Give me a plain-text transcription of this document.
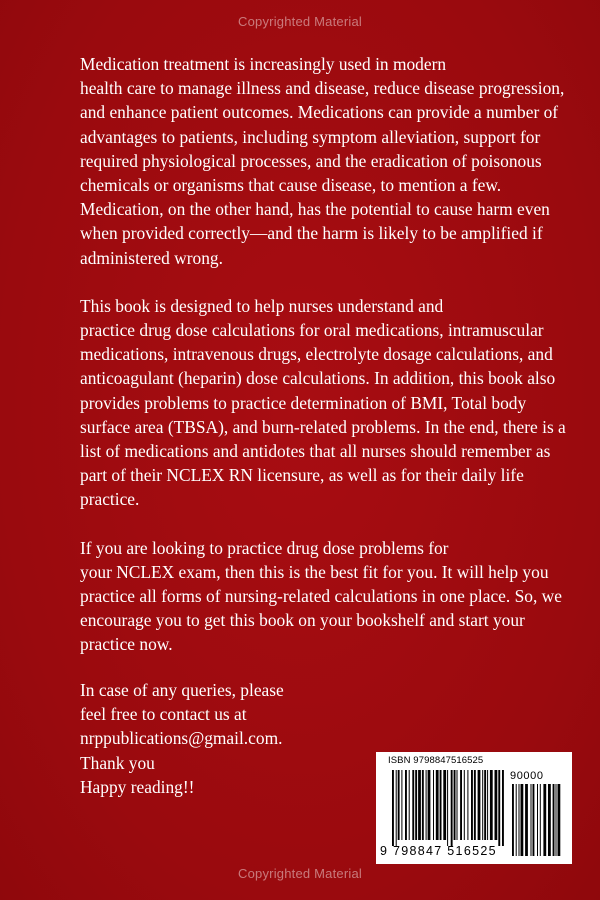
Copyrighted Material

Medication treatment is increasingly used in modern
health care to manage illness and disease, reduce disease progression,
and enhance patient outcomes. Medications can provide a number of
advantages to patients, including symptom alleviation, support for
required physiological processes, and the eradication of poisonous
chemicals or organisms that cause disease, to mention a few.
Medication, on the other hand, has the potential to cause harm even
when provided correctly—and the harm is likely to be amplified if
administered wrong.

This book is designed to help nurses understand and
practice drug dose calculations for oral medications, intramuscular
medications, intravenous drugs, electrolyte dosage calculations, and
anticoagulant (heparin) dose calculations. In addition, this book also
provides problems to practice determination of BMI, Total body
surface area (TBSA), and burn-related problems. In the end, there is a
list of medications and antidotes that all nurses should remember as
part of their NCLEX RN licensure, as well as for their daily life
practice.

If you are looking to practice drug dose problems for
your NCLEX exam, then this is the best fit for you. It will help you
practice all forms of nursing-related calculations in one place. So, we
encourage you to get this book on your bookshelf and start your
practice now.

In case of any queries, please
feel free to contact us at
nrppublications@gmail.com.
Thank you
Happy reading!!
ISBN 9798847516525
90000
9 798847 516525
Copyrighted Material
